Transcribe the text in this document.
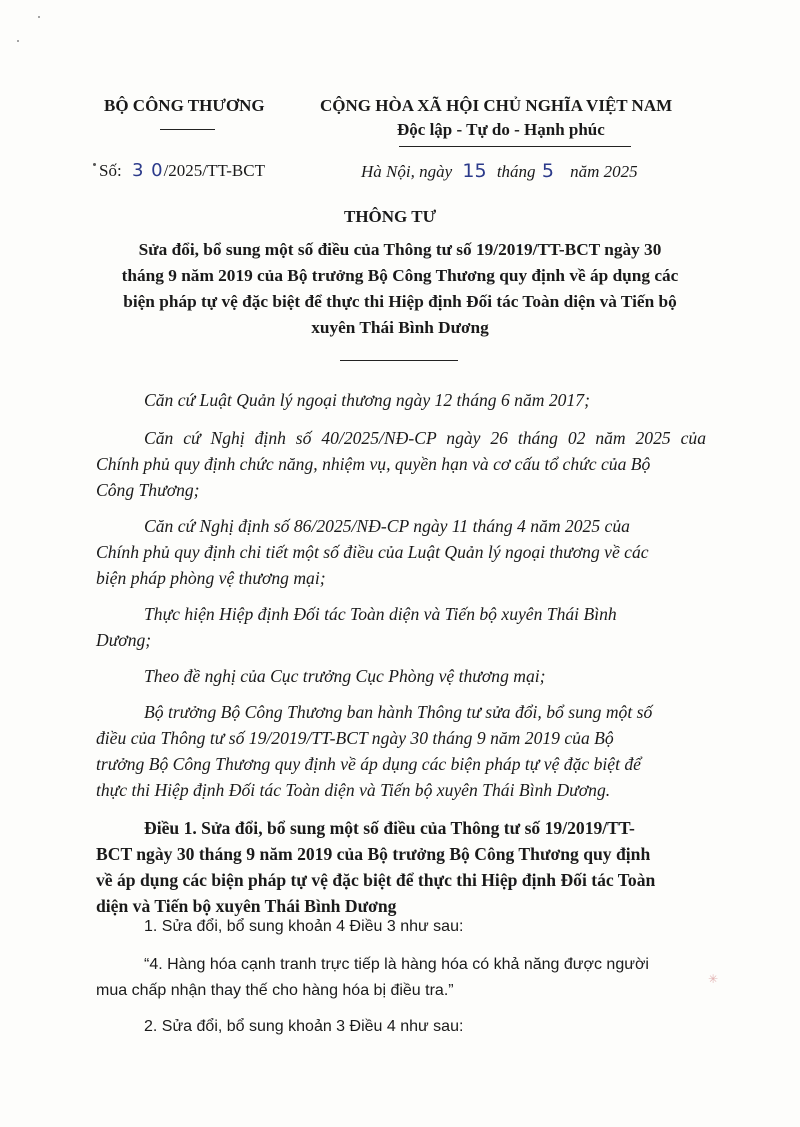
BỘ CÔNG THƯƠNG	CỘNG HÒA XÃ HỘI CHỦ NGHĨA VIỆT NAM
Độc lập - Tự do - Hạnh phúc
Số: 3 0/2025/TT-BCT	Hà Nội, ngày 15 tháng 5 năm 2025
THÔNG TƯ
Sửa đổi, bổ sung một số điều của Thông tư số 19/2019/TT-BCT ngày 30
tháng 9 năm 2019 của Bộ trưởng Bộ Công Thương quy định về áp dụng các
biện pháp tự vệ đặc biệt để thực thi Hiệp định Đối tác Toàn diện và Tiến bộ
xuyên Thái Bình Dương
Căn cứ Luật Quản lý ngoại thương ngày 12 tháng 6 năm 2017;
Căn cứ Nghị định số 40/2025/NĐ-CP ngày 26 tháng 02 năm 2025 của
Chính phủ quy định chức năng, nhiệm vụ, quyền hạn và cơ cấu tổ chức của Bộ
Công Thương;
Căn cứ Nghị định số 86/2025/NĐ-CP ngày 11 tháng 4 năm 2025 của
Chính phủ quy định chi tiết một số điều của Luật Quản lý ngoại thương về các
biện pháp phòng vệ thương mại;
Thực hiện Hiệp định Đối tác Toàn diện và Tiến bộ xuyên Thái Bình
Dương;
Theo đề nghị của Cục trưởng Cục Phòng vệ thương mại;
Bộ trưởng Bộ Công Thương ban hành Thông tư sửa đổi, bổ sung một số
điều của Thông tư số 19/2019/TT-BCT ngày 30 tháng 9 năm 2019 của Bộ
trưởng Bộ Công Thương quy định về áp dụng các biện pháp tự vệ đặc biệt để
thực thi Hiệp định Đối tác Toàn diện và Tiến bộ xuyên Thái Bình Dương.
Điều 1. Sửa đổi, bổ sung một số điều của Thông tư số 19/2019/TT-
BCT ngày 30 tháng 9 năm 2019 của Bộ trưởng Bộ Công Thương quy định
về áp dụng các biện pháp tự vệ đặc biệt để thực thi Hiệp định Đối tác Toàn
diện và Tiến bộ xuyên Thái Bình Dương
1. Sửa đổi, bổ sung khoản 4 Điều 3 như sau:
“4. Hàng hóa cạnh tranh trực tiếp là hàng hóa có khả năng được người
mua chấp nhận thay thế cho hàng hóa bị điều tra.”
2. Sửa đổi, bổ sung khoản 3 Điều 4 như sau:
✳
